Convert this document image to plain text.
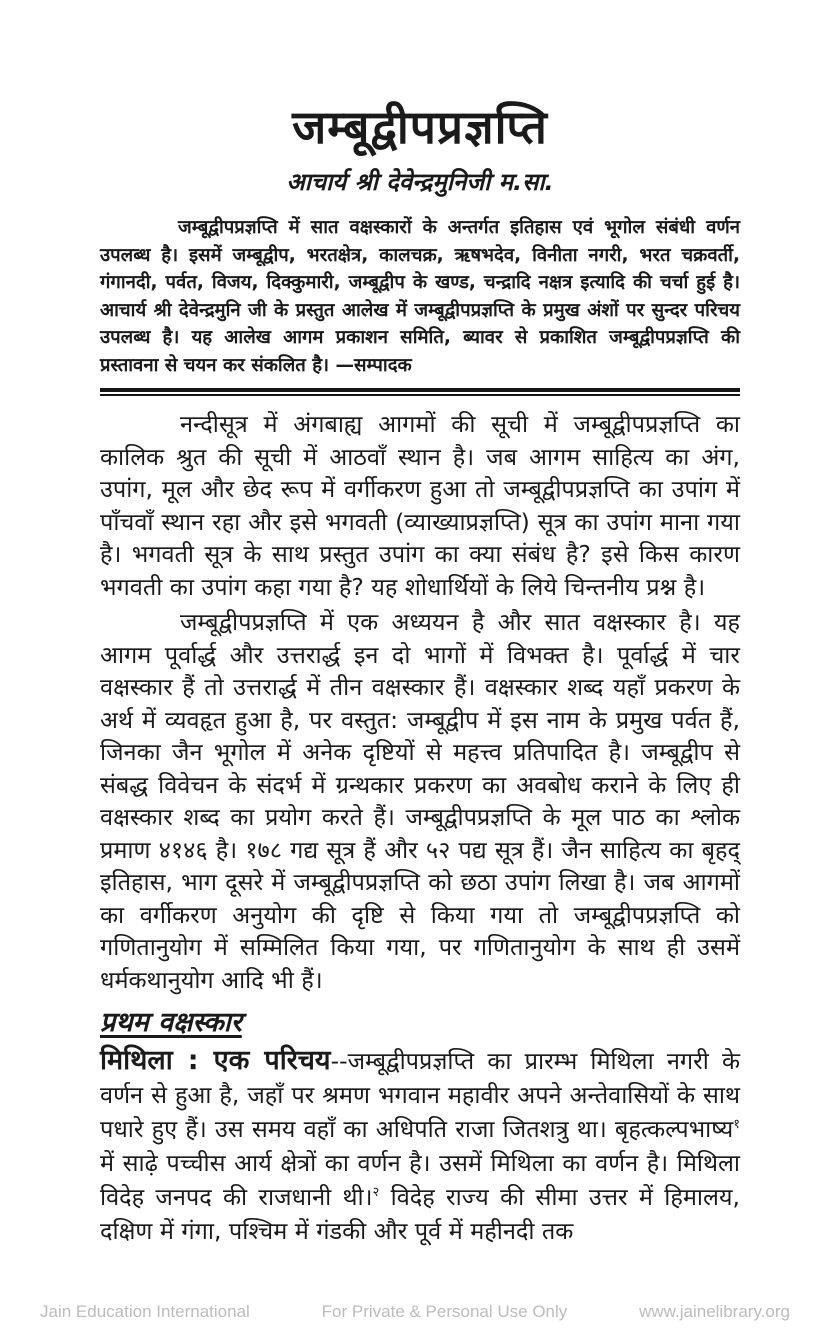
जम्बूद्वीपप्रज्ञप्ति
आचार्य श्री देवेन्द्रमुनिजी म.सा.

जम्बूद्वीपप्रज्ञप्ति में सात वक्षस्कारों के अन्तर्गत इतिहास एवं भूगोल संबंधी वर्णन उपलब्ध है। इसमें जम्बूद्वीप, भरतक्षेत्र, कालचक्र, ऋषभदेव, विनीता नगरी, भरत चक्रवर्ती, गंगानदी, पर्वत, विजय, दिक्कुमारी, जम्बूद्वीप के खण्ड, चन्द्रादि नक्षत्र इत्यादि की चर्चा हुई है। आचार्य श्री देवेन्द्रमुनि जी के प्रस्तुत आलेख में जम्बूद्वीपप्रज्ञप्ति के प्रमुख अंशों पर सुन्दर परिचय उपलब्ध है। यह आलेख आगम प्रकाशन समिति, ब्यावर से प्रकाशित जम्बूद्वीपप्रज्ञप्ति की प्रस्तावना से चयन कर संकलित है। —सम्पादक

नन्दीसूत्र में अंगबाह्य आगमों की सूची में जम्बूद्वीपप्रज्ञप्ति का कालिक श्रुत की सूची में आठवाँ स्थान है। जब आगम साहित्य का अंग, उपांग, मूल और छेद रूप में वर्गीकरण हुआ तो जम्बूद्वीपप्रज्ञप्ति का उपांग में पाँचवाँ स्थान रहा और इसे भगवती (व्याख्याप्रज्ञप्ति) सूत्र का उपांग माना गया है। भगवती सूत्र के साथ प्रस्तुत उपांग का क्या संबंध है? इसे किस कारण भगवती का उपांग कहा गया है? यह शोधार्थियों के लिये चिन्तनीय प्रश्न है।

जम्बूद्वीपप्रज्ञप्ति में एक अध्ययन है और सात वक्षस्कार है। यह आगम पूर्वार्द्ध और उत्तरार्द्ध इन दो भागों में विभक्त है। पूर्वार्द्ध में चार वक्षस्कार हैं तो उत्तरार्द्ध में तीन वक्षस्कार हैं। वक्षस्कार शब्द यहाँ प्रकरण के अर्थ में व्यवहृत हुआ है, पर वस्तुत: जम्बूद्वीप में इस नाम के प्रमुख पर्वत हैं, जिनका जैन भूगोल में अनेक दृष्टियों से महत्त्व प्रतिपादित है। जम्बूद्वीप से संबद्ध विवेचन के संदर्भ में ग्रन्थकार प्रकरण का अवबोध कराने के लिए ही वक्षस्कार शब्द का प्रयोग करते हैं। जम्बूद्वीपप्रज्ञप्ति के मूल पाठ का श्लोक प्रमाण ४१४६ है। १७८ गद्य सूत्र हैं और ५२ पद्य सूत्र हैं। जैन साहित्य का बृहद् इतिहास, भाग दूसरे में जम्बूद्वीपप्रज्ञप्ति को छठा उपांग लिखा है। जब आगमों का वर्गीकरण अनुयोग की दृष्टि से किया गया तो जम्बूद्वीपप्रज्ञप्ति को गणितानुयोग में सम्मिलित किया गया, पर गणितानुयोग के साथ ही उसमें धर्मकथानुयोग आदि भी हैं।

प्रथम वक्षस्कार

मिथिला : एक परिचय--जम्बूद्वीपप्रज्ञप्ति का प्रारम्भ मिथिला नगरी के वर्णन से हुआ है, जहाँ पर श्रमण भगवान महावीर अपने अन्तेवासियों के साथ पधारे हुए हैं। उस समय वहाँ का अधिपति राजा जितशत्रु था। बृहत्कल्पभाष्य$^१$ में साढ़े पच्चीस आर्य क्षेत्रों का वर्णन है। उसमें मिथिला का वर्णन है। मिथिला विदेह जनपद की राजधानी थी।$^२$ विदेह राज्य की सीमा उत्तर में हिमालय, दक्षिण में गंगा, पश्चिम में गंडकी और पूर्व में महीनदी तक

Jain Education International	For Private & Personal Use Only	www.jainelibrary.org
